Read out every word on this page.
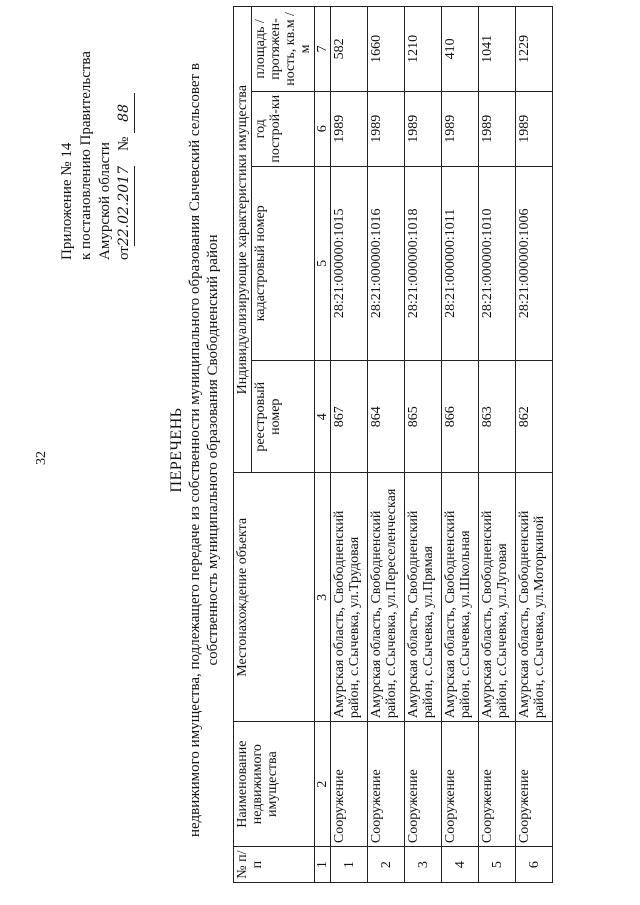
32
Приложение № 14 к постановлению Правительства Амурской области от22.02.2017    № 88
ПЕРЕЧЕНЬ недвижимого имущества, подлежащего передаче из собственности муниципального образования Сычевский сельсовет в собственность муниципального образования Свободненский район
№ п/п	Наименование недвижимого имущества	Местонахождение объекта	Индивидуализирующие характеристики имущества			
			реестровый номер	кадастровый номер	год построй-ки	площадь / протяжен-ность, кв.м / м
1	2	3	4	5	6	7
1	Сооружение	Амурская область, Свободненский район, с.Сычевка, ул.Трудовая	867	28:21:000000:1015	1989	582
2	Сооружение	Амурская область, Свободненский район, с.Сычевка, ул.Переселенческая	864	28:21:000000:1016	1989	1660
3	Сооружение	Амурская область, Свободненский район, с.Сычевка, ул.Прямая	865	28:21:000000:1018	1989	1210
4	Сооружение	Амурская область, Свободненский район, с.Сычевка, ул.Школьная	866	28:21:000000:1011	1989	410
5	Сооружение	Амурская область, Свободненский район, с.Сычевка, ул.Луговая	863	28:21:000000:1010	1989	1041
6	Сооружение	Амурская область, Свободненский район, с.Сычевка, ул.Моторкиной	862	28:21:000000:1006	1989	1229
